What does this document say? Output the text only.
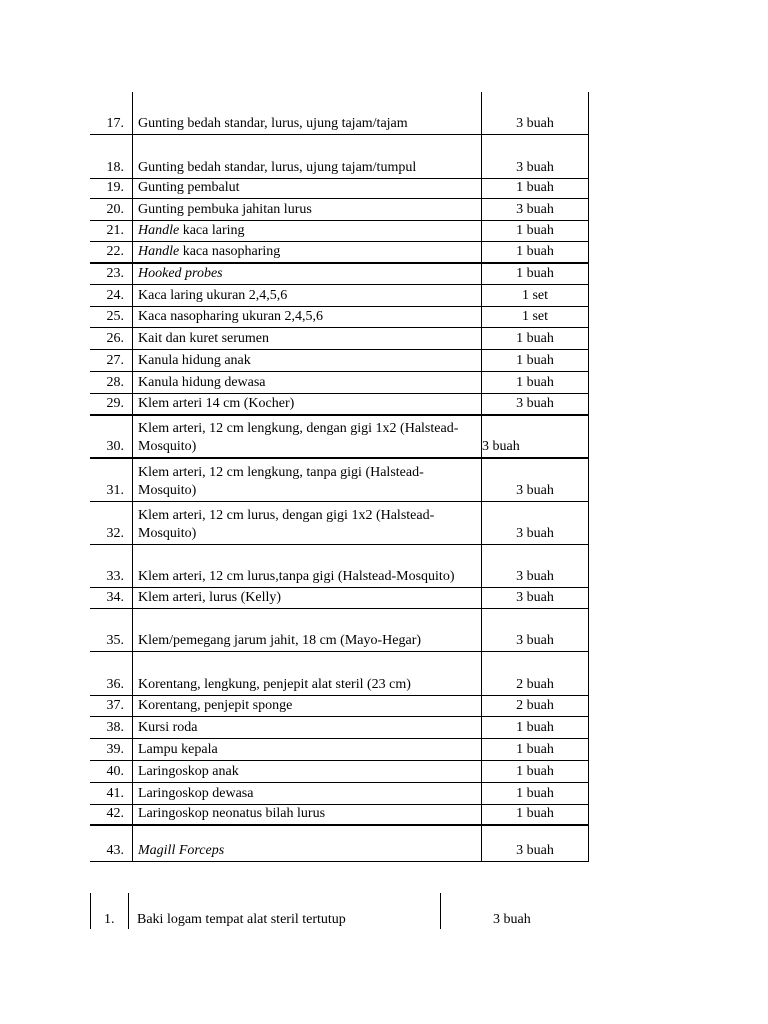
17. Gunting bedah standar, lurus, ujung tajam/tajam	3 buah
18. Gunting bedah standar, lurus, ujung tajam/tumpul	3 buah
19. Gunting pembalut	1 buah
20. Gunting pembuka jahitan lurus	3 buah
21. Handle kaca laring	1 buah
22. Handle kaca nasopharing	1 buah
23. Hooked probes	1 buah
24. Kaca laring ukuran 2,4,5,6	1 set
25. Kaca nasopharing ukuran 2,4,5,6	1 set
26. Kait dan kuret serumen	1 buah
27. Kanula hidung anak	1 buah
28. Kanula hidung dewasa	1 buah
29. Klem arteri 14 cm (Kocher)	3 buah
30.
Klem arteri, 12 cm lengkung, dengan gigi 1x2 (Halstead-Mosquito)	3 buah
31.
Klem arteri, 12 cm lengkung, tanpa gigi (Halstead-Mosquito)	3 buah
32.
Klem arteri, 12 cm lurus, dengan gigi 1x2 (Halstead-Mosquito)	3 buah
33. Klem arteri, 12 cm lurus,tanpa gigi (Halstead-Mosquito)	3 buah
34. Klem arteri, lurus (Kelly)	3 buah
35. Klem/pemegang jarum jahit, 18 cm (Mayo-Hegar)	3 buah
36. Korentang, lengkung, penjepit alat steril (23 cm)	2 buah
37. Korentang, penjepit sponge	2 buah
38. Kursi roda	1 buah
39. Lampu kepala	1 buah
40. Laringoskop anak	1 buah
41. Laringoskop dewasa	1 buah
42. Laringoskop neonatus bilah lurus	1 buah
43. Magill Forceps	3 buah
1. Baki logam tempat alat steril tertutup	3 buah
